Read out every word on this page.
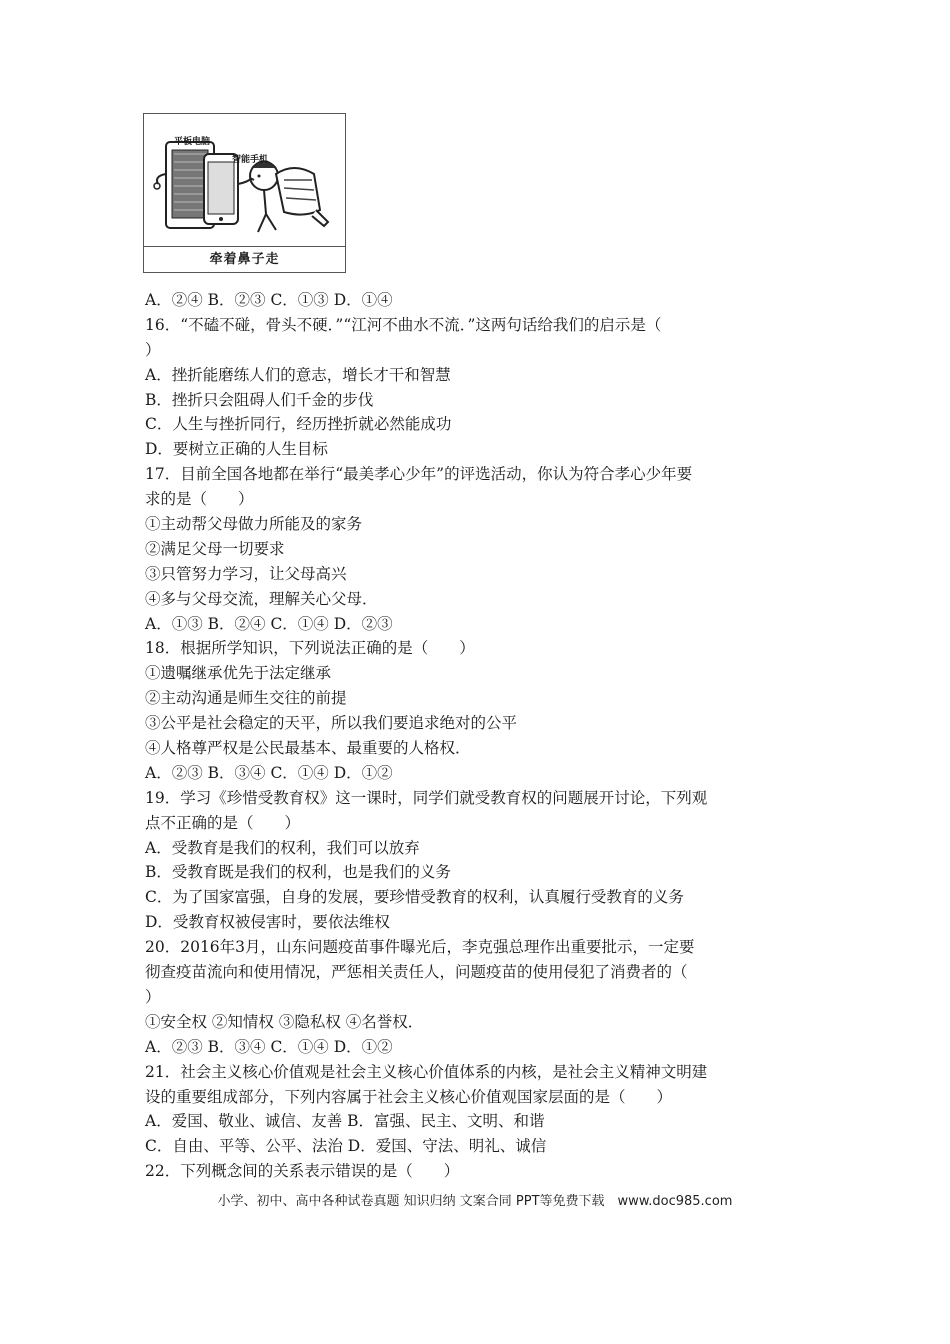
平板电脑
智能手机
牵着鼻子走
A．②④ B．②③ C．①③ D．①④
16．“不磕不碰，骨头不硬．”“江河不曲水不流．”这两句话给我们的启示是（
）
A．挫折能磨练人们的意志，增长才干和智慧
B．挫折只会阻碍人们千金的步伐
C．人生与挫折同行，经历挫折就必然能成功
D．要树立正确的人生目标
17．目前全国各地都在举行“最美孝心少年”的评选活动，你认为符合孝心少年要
求的是（　　）
①主动帮父母做力所能及的家务
②满足父母一切要求
③只管努力学习，让父母高兴
④多与父母交流，理解关心父母．
A．①③ B．②④ C．①④ D．②③
18．根据所学知识，下列说法正确的是（　　）
①遗嘱继承优先于法定继承
②主动沟通是师生交往的前提
③公平是社会稳定的天平，所以我们要追求绝对的公平
④人格尊严权是公民最基本、最重要的人格权．
A．②③ B．③④ C．①④ D．①②
19．学习《珍惜受教育权》这一课时，同学们就受教育权的问题展开讨论，下列观
点不正确的是（　　）
A．受教育是我们的权利，我们可以放弃
B．受教育既是我们的权利，也是我们的义务
C．为了国家富强，自身的发展，要珍惜受教育的权利，认真履行受教育的义务
D．受教育权被侵害时，要依法维权
20．2016年3月，山东问题疫苗事件曝光后，李克强总理作出重要批示，一定要
彻查疫苗流向和使用情况，严惩相关责任人，问题疫苗的使用侵犯了消费者的（
）
①安全权 ②知情权 ③隐私权 ④名誉权．
A．②③ B．③④ C．①④ D．①②
21．社会主义核心价值观是社会主义核心价值体系的内核，是社会主义精神文明建
设的重要组成部分，下列内容属于社会主义核心价值观国家层面的是（　　）
A．爱国、敬业、诚信、友善 B．富强、民主、文明、和谐
C．自由、平等、公平、法治 D．爱国、守法、明礼、诚信
22．下列概念间的关系表示错误的是（　　）
小学、初中、高中各种试卷真题 知识归纳 文案合同 PPT等免费下载　www.doc985.com
